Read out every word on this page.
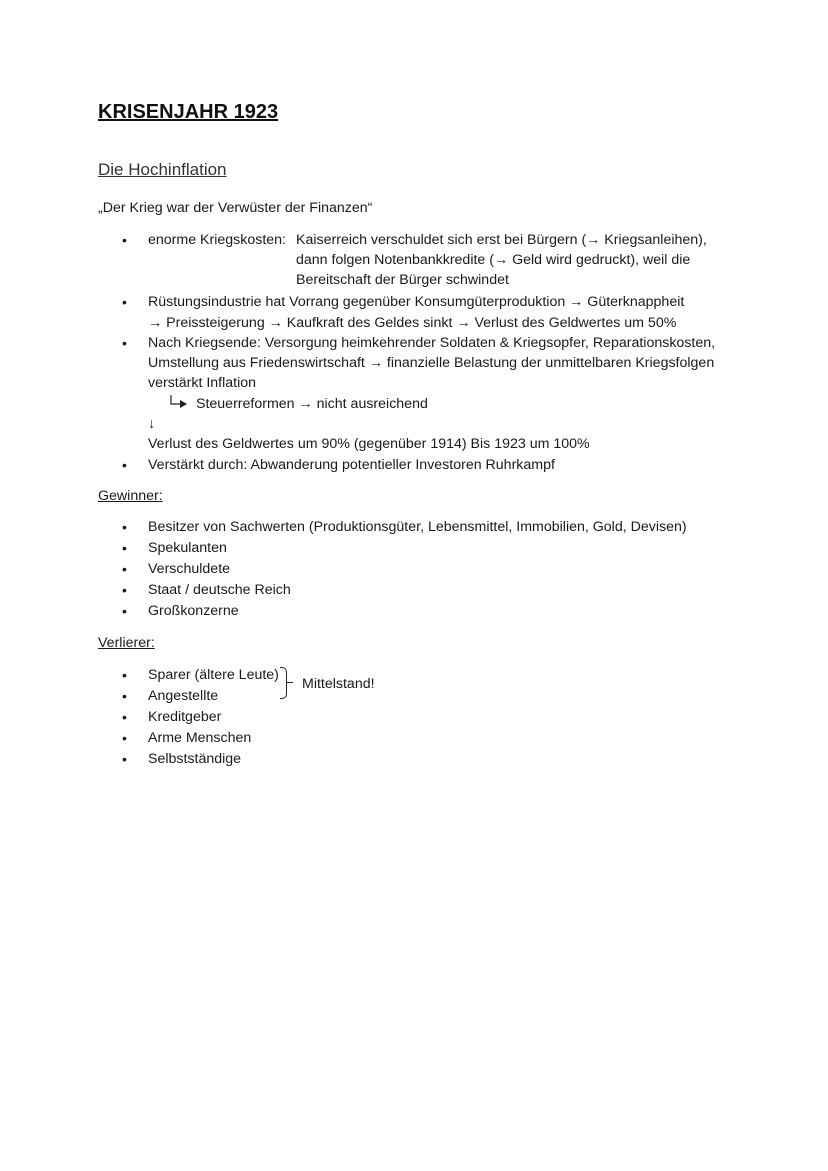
KRISENJAHR 1923
Die Hochinflation
„Der Krieg war der Verwüster der Finanzen“
• enorme Kriegskosten: Kaiserreich verschuldet sich erst bei Bürgern (→ Kriegsanleihen),
dann folgen Notenbankkredite (→ Geld wird gedruckt), weil die
Bereitschaft der Bürger schwindet
• Rüstungsindustrie hat Vorrang gegenüber Konsumgüterproduktion → Güterknappheit
→ Preissteigerung → Kaufkraft des Geldes sinkt → Verlust des Geldwertes um 50%
• Nach Kriegsende: Versorgung heimkehrender Soldaten & Kriegsopfer, Reparationskosten,
Umstellung aus Friedenswirtschaft → finanzielle Belastung der unmittelbaren Kriegsfolgen
verstärkt Inflation
Steuerreformen → nicht ausreichend
↓
Verlust des Geldwertes um 90% (gegenüber 1914) Bis 1923 um 100%
• Verstärkt durch: Abwanderung potentieller Investoren Ruhrkampf
Gewinner:
• Besitzer von Sachwerten (Produktionsgüter, Lebensmittel, Immobilien, Gold, Devisen)
• Spekulanten
• Verschuldete
• Staat / deutsche Reich
• Großkonzerne
Verlierer:
• Sparer (ältere Leute)
• Angestellte
• Kreditgeber
• Arme Menschen
• Selbstständige
Mittelstand!
